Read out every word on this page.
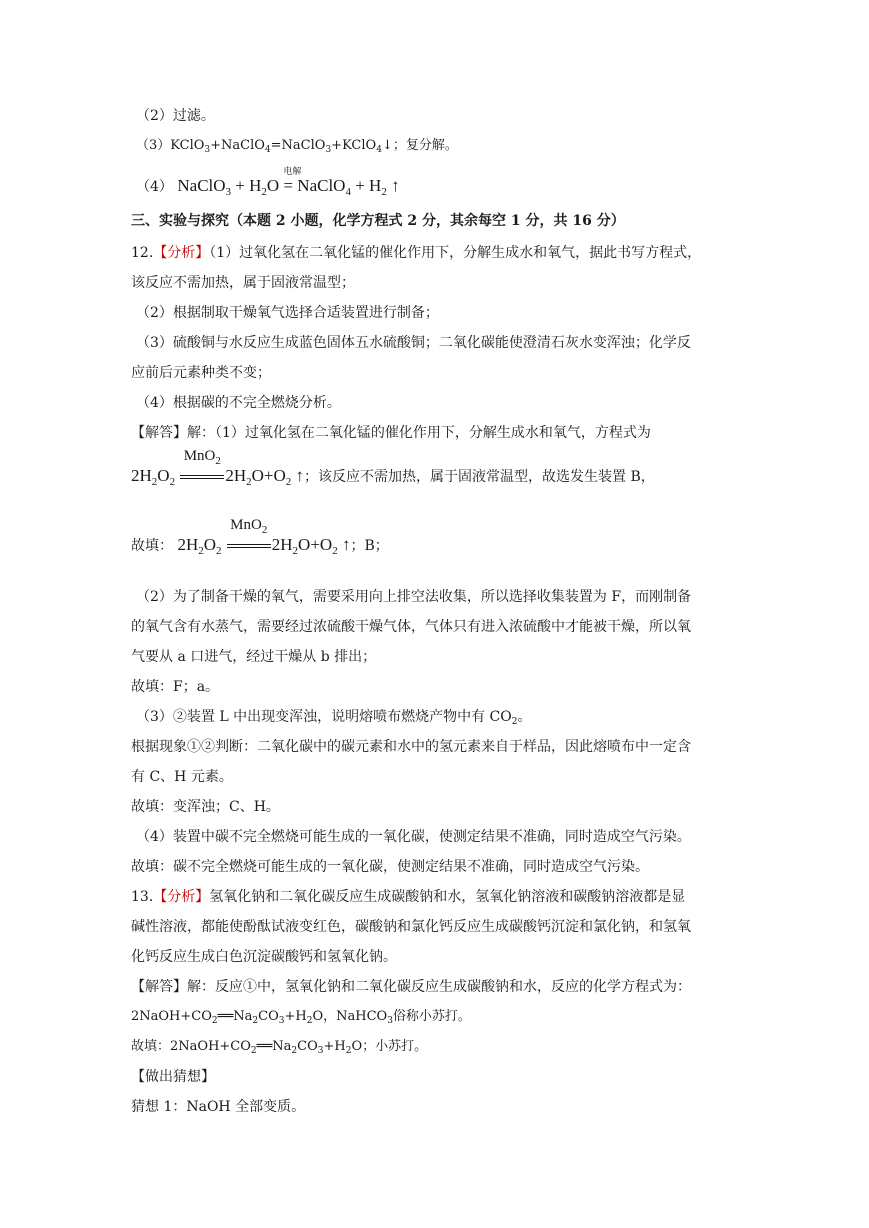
（2）过滤。
（3）KClO$_3$+NaClO$_4$=NaClO$_3$+KClO$_4$↓；复分解。
（4） NaClO$_3$ + $H_2O$
电解
= NaClO$_4$ + $H_2$ ↑
三、实验与探究（本题 2 小题，化学方程式 2 分，其余每空 1 分，共 16 分）
12.【分析】（1）过氧化氢在二氧化锰的催化作用下，分解生成水和氧气，据此书写方程式，
该反应不需加热，属于固液常温型；
（2）根据制取干燥氧气选择合适装置进行制备；
（3）硫酸铜与水反应生成蓝色固体五水硫酸铜；二氧化碳能使澄清石灰水变浑浊；化学反
应前后元素种类不变；
（4）根据碳的不完全燃烧分析。
【解答】解：（1）过氧化氢在二氧化锰的催化作用下，分解生成水和氧气，方程式为
$2H_2O_2$
MnO$_2$
$2H_2O+O_2$ ↑；该反应不需加热，属于固液常温型，故选发生装置 B，
故填： $2H_2O_2$
MnO$_2$
$2H_2O+O_2$ ↑；B；
（2）为了制备干燥的氧气，需要采用向上排空法收集，所以选择收集装置为 F，而刚制备
的氧气含有水蒸气，需要经过浓硫酸干燥气体，气体只有进入浓硫酸中才能被干燥，所以氧
气要从 a 口进气，经过干燥从 b 排出；
故填：F；a。
（3）②装置 L 中出现变浑浊，说明熔喷布燃烧产物中有 $CO_2$。
根据现象①②判断：二氧化碳中的碳元素和水中的氢元素来自于样品，因此熔喷布中一定含
有 C、H 元素。
故填：变浑浊；C、H。
（4）装置中碳不完全燃烧可能生成的一氧化碳，使测定结果不准确，同时造成空气污染。
故填：碳不完全燃烧可能生成的一氧化碳，使测定结果不准确，同时造成空气污染。
13.【分析】氢氧化钠和二氧化碳反应生成碳酸钠和水，氢氧化钠溶液和碳酸钠溶液都是显
碱性溶液，都能使酚酞试液变红色，碳酸钠和氯化钙反应生成碳酸钙沉淀和氯化钠，和氢氧
化钙反应生成白色沉淀碳酸钙和氢氧化钠。
【解答】解：反应①中，氢氧化钠和二氧化碳反应生成碳酸钠和水，反应的化学方程式为：
$2NaOH+CO_2══Na_2CO_3+H_2O$，NaHCO$_3$俗称小苏打。
故填：$2NaOH+CO_2══Na_2CO_3+H_2O$；小苏打。
【做出猜想】
猜想 1：NaOH 全部变质。
